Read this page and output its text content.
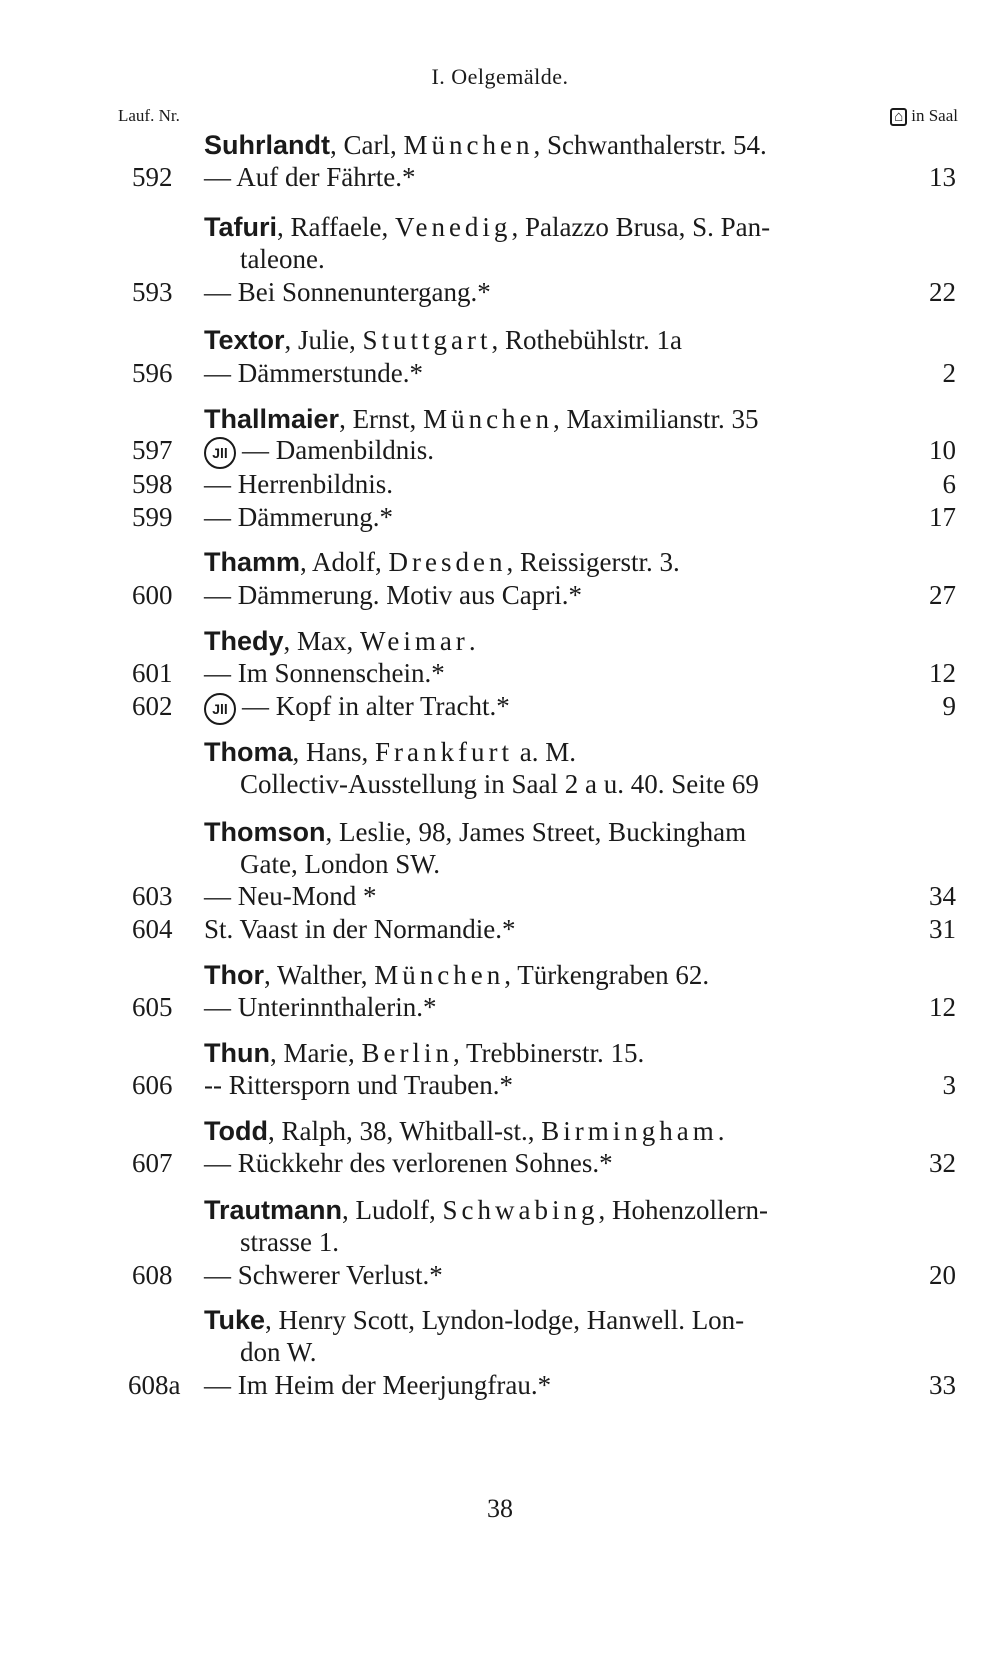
I. Oelgemälde.
Lauf. Nr.	⌂ in Saal
Suhrlandt, Carl, München, Schwanthalerstr. 54.
592	— Auf der Fährte.*	13
Tafuri, Raffaele, Venedig, Palazzo Brusa, S. Pan-
taleone.
593	— Bei Sonnenuntergang.*	22
Textor, Julie, Stuttgart, Rothebühlstr. 1a
596	— Dämmerstunde.*	2
Thallmaier, Ernst, München, Maximilianstr. 35
597	Jll — Damenbildnis.	10
598	— Herrenbildnis.	6
599	— Dämmerung.*	17
Thamm, Adolf, Dresden, Reissigerstr. 3.
600	— Dämmerung. Motiv aus Capri.*	27
Thedy, Max, Weimar.
601	— Im Sonnenschein.*	12
602	Jll — Kopf in alter Tracht.*	9
Thoma, Hans, Frankfurt a. M.
Collectiv-Ausstellung in Saal 2 a u. 40. Seite 69
Thomson, Leslie, 98, James Street, Buckingham
Gate, London SW.
603	— Neu-Mond *	34
604	St. Vaast in der Normandie.*	31
Thor, Walther, München, Türkengraben 62.
605	— Unterinnthalerin.*	12
Thun, Marie, Berlin, Trebbinerstr. 15.
606	-- Rittersporn und Trauben.*	3
Todd, Ralph, 38, Whitball-st., Birmingham.
607	— Rückkehr des verlorenen Sohnes.*	32
Trautmann, Ludolf, Schwabing, Hohenzollern-
strasse 1.
608	— Schwerer Verlust.*	20
Tuke, Henry Scott, Lyndon-lodge, Hanwell. Lon-
don W.
608a — Im Heim der Meerjungfrau.*	33
38
